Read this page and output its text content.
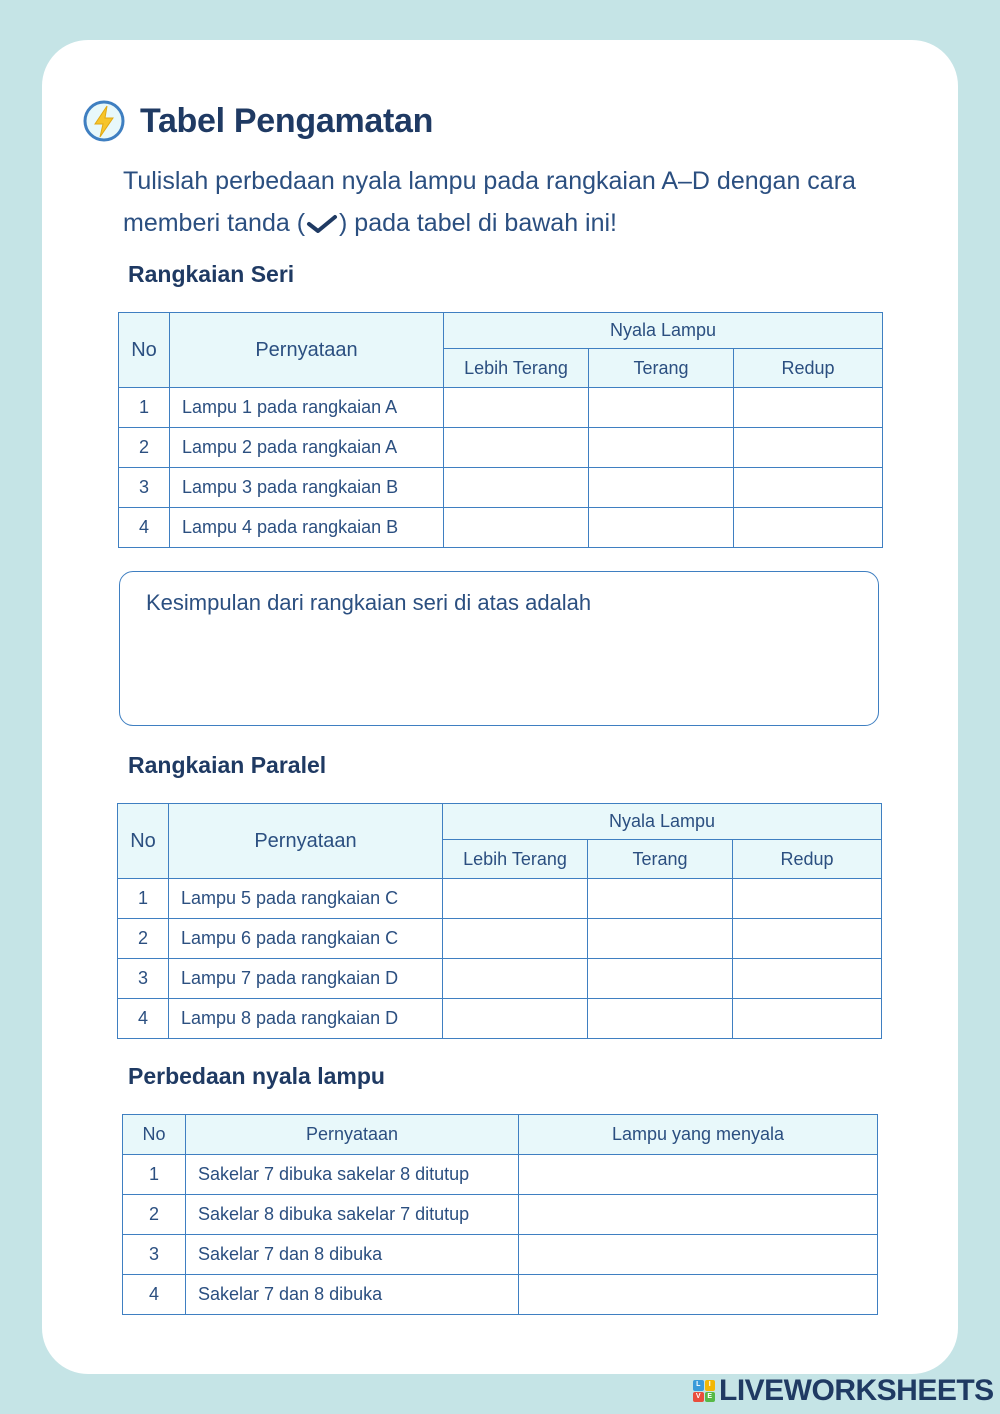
Tabel Pengamatan
Tulislah perbedaan nyala lampu pada rangkaian A–D dengan cara memberi tanda ( ) pada tabel di bawah ini!
Rangkaian Seri
No	Pernyataan	Nyala Lampu		
		Lebih Terang	Terang	Redup
1	Lampu 1 pada rangkaian A			
2	Lampu 2 pada rangkaian A			
3	Lampu 3 pada rangkaian B			
4	Lampu 4 pada rangkaian B			
Kesimpulan dari rangkaian seri di atas adalah
Rangkaian Paralel
No	Pernyataan	Nyala Lampu		
		Lebih Terang	Terang	Redup
1	Lampu 5 pada rangkaian C			
2	Lampu 6 pada rangkaian C			
3	Lampu 7 pada rangkaian D			
4	Lampu 8 pada rangkaian D			
Perbedaan nyala lampu
No	Pernyataan	Lampu yang menyala
1	Sakelar 7 dibuka sakelar 8 ditutup	
2	Sakelar 8 dibuka sakelar 7 ditutup	
3	Sakelar 7 dan 8 dibuka	
4	Sakelar 7 dan 8 dibuka	
L	I
V E LIVEWORKSHEETS
